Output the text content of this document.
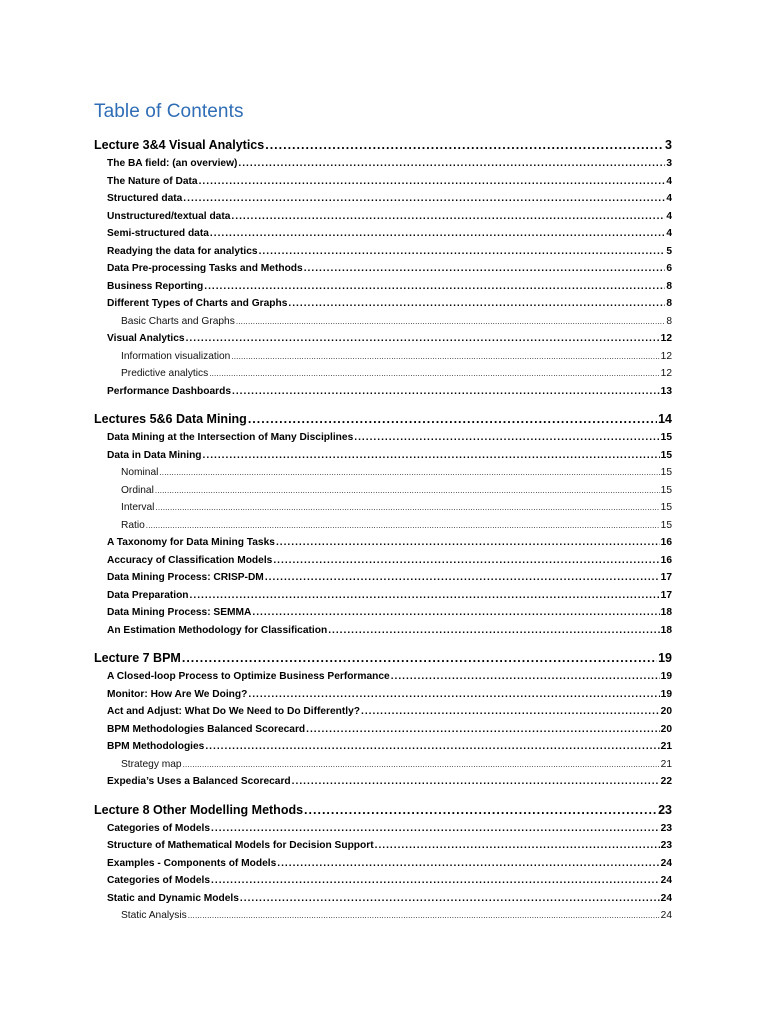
Table of Contents
Lecture 3&4 Visual Analytics .....	3
The BA field: (an overview) .....	3
The Nature of Data .....	4
Structured data .....	4
Unstructured/textual data .....	4
Semi-structured data .....	4
Readying the data for analytics .....	5
Data Pre-processing Tasks and Methods .....	6
Business Reporting .....	8
Different Types of Charts and Graphs .....	8
Basic Charts and Graphs .....	8
Visual Analytics .....	12
Information visualization .....	12
Predictive analytics .....	12
Performance Dashboards .....	13
Lectures 5&6 Data Mining .....	14
Data Mining at the Intersection of Many Disciplines .....	15
Data in Data Mining .....	15
Nominal .....	15
Ordinal .....	15
Interval .....	15
Ratio .....	15
A Taxonomy for Data Mining Tasks .....	16
Accuracy of Classification Models .....	16
Data Mining Process: CRISP-DM .....	17
Data Preparation .....	17
Data Mining Process: SEMMA .....	18
An Estimation Methodology for Classification .....	18
Lecture 7 BPM .....	19
A Closed-loop Process to Optimize Business Performance .....	19
Monitor: How Are We Doing? .....	19
Act and Adjust: What Do We Need to Do Differently? .....	20
BPM Methodologies Balanced Scorecard .....	20
BPM Methodologies .....	21
Strategy map .....	21
Expedia’s Uses a Balanced Scorecard .....	22
Lecture 8 Other Modelling Methods .....	23
Categories of Models .....	23
Structure of Mathematical Models for Decision Support .....	23
Examples - Components of Models .....	24
Categories of Models .....	24
Static and Dynamic Models .....	24
Static Analysis .....	24
